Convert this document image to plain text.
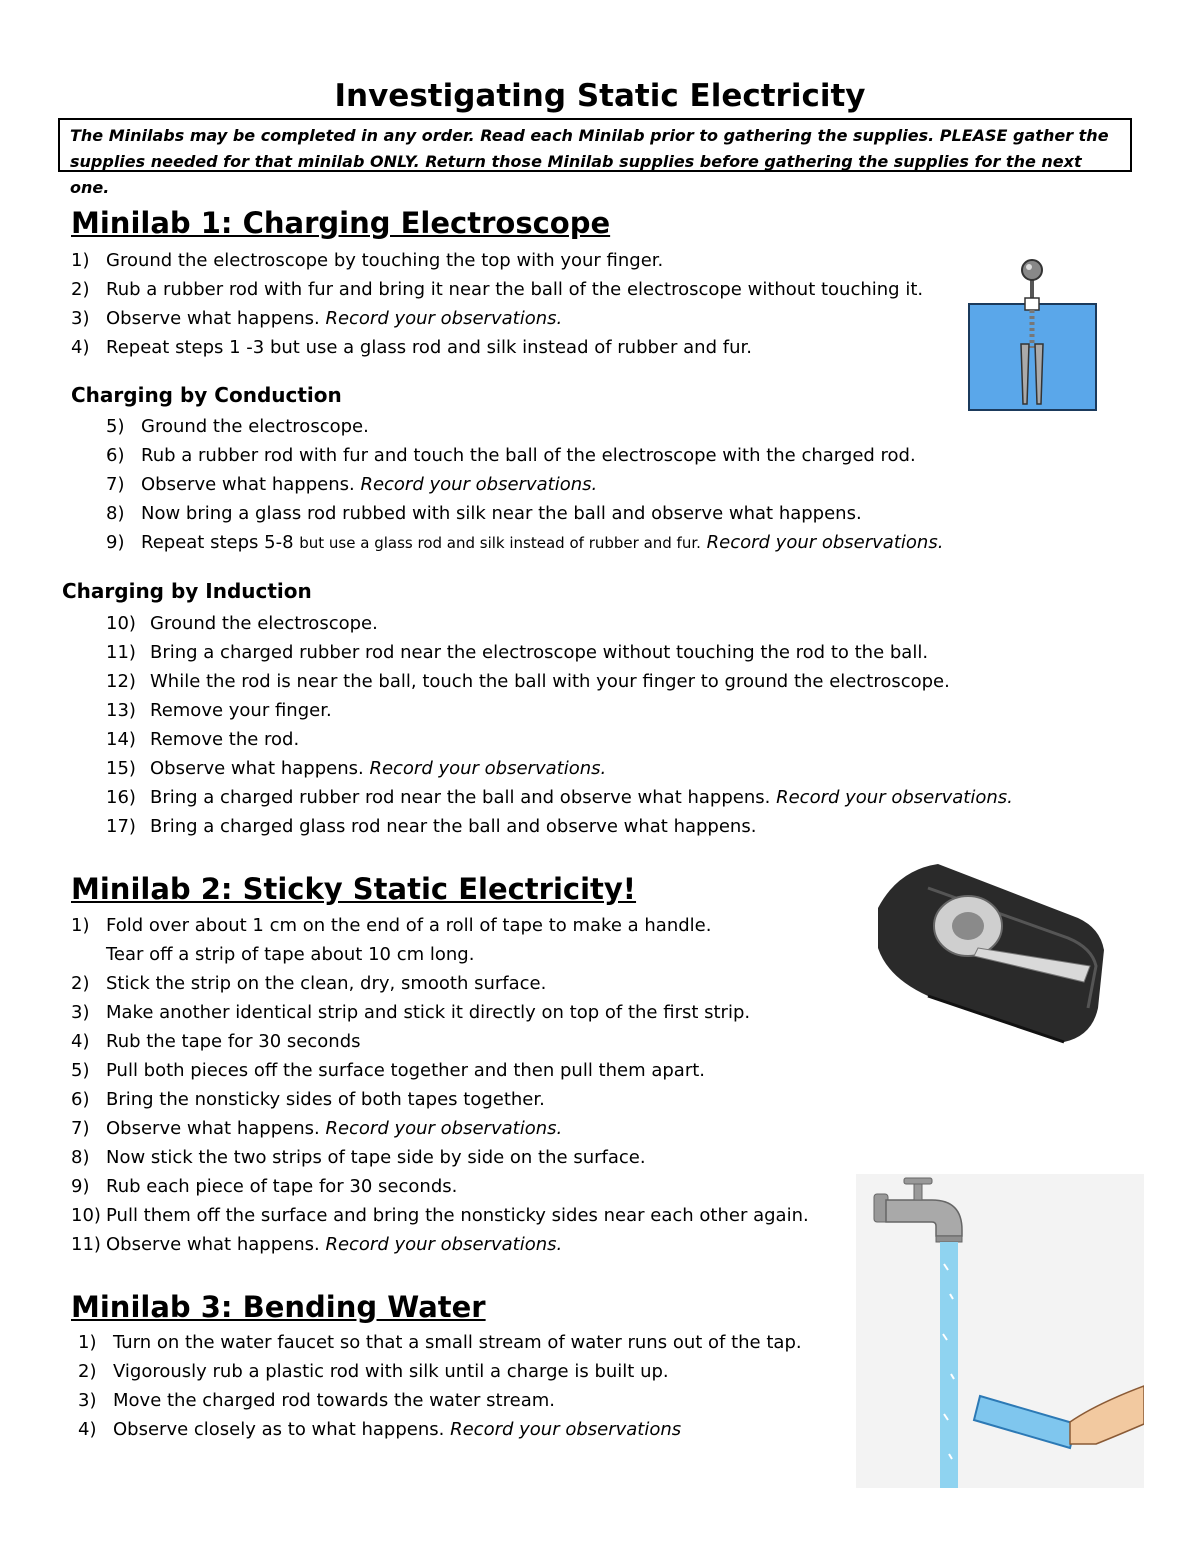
Investigating Static Electricity
The Minilabs may be completed in any order. Read each Minilab prior to gathering the supplies. PLEASE gather the supplies needed for that minilab ONLY. Return those Minilab supplies before gathering the supplies for the next one.
Minilab 1: Charging Electroscope
1) Ground the electroscope by touching the top with your finger.
2) Rub a rubber rod with fur and bring it near the ball of the electroscope without touching it.
3) Observe what happens. Record your observations.
4) Repeat steps 1 -3 but use a glass rod and silk instead of rubber and fur.
Charging by Conduction
5) Ground the electroscope.
6) Rub a rubber rod with fur and touch the ball of the electroscope with the charged rod.
7) Observe what happens. Record your observations.
8) Now bring a glass rod rubbed with silk near the ball and observe what happens.
9) Repeat steps 5-8 but use a glass rod and silk instead of rubber and fur. Record your observations.
Charging by Induction
10) Ground the electroscope.
11) Bring a charged rubber rod near the electroscope without touching the rod to the ball.
12) While the rod is near the ball, touch the ball with your finger to ground the electroscope.
13) Remove your finger.
14) Remove the rod.
15) Observe what happens. Record your observations.
16) Bring a charged rubber rod near the ball and observe what happens. Record your observations.
17) Bring a charged glass rod near the ball and observe what happens.
Minilab 2: Sticky Static Electricity!
1) Fold over about 1 cm on the end of a roll of tape to make a handle.
Tear off a strip of tape about 10 cm long.
2) Stick the strip on the clean, dry, smooth surface.
3) Make another identical strip and stick it directly on top of the first strip.
4) Rub the tape for 30 seconds
5) Pull both pieces off the surface together and then pull them apart.
6) Bring the nonsticky sides of both tapes together.
7) Observe what happens. Record your observations.
8) Now stick the two strips of tape side by side on the surface.
9) Rub each piece of tape for 30 seconds.
10) Pull them off the surface and bring the nonsticky sides near each other again.
11) Observe what happens. Record your observations.
Minilab 3: Bending Water
1) Turn on the water faucet so that a small stream of water runs out of the tap.
2) Vigorously rub a plastic rod with silk until a charge is built up.
3) Move the charged rod towards the water stream.
4) Observe closely as to what happens. Record your observations
